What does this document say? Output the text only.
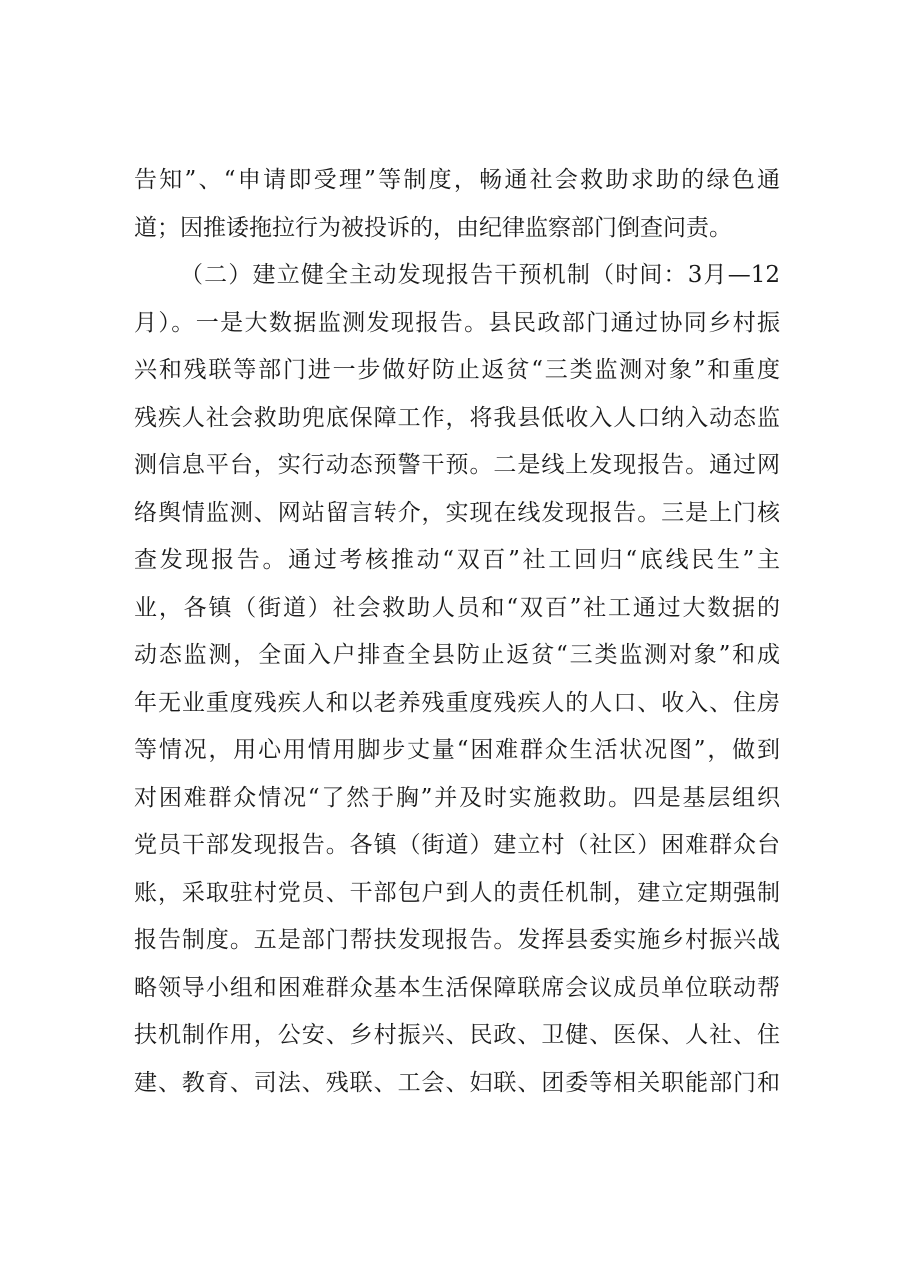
告知”、“申请即受理”等制度，畅通社会救助求助的绿色通
道；因推诿拖拉行为被投诉的，由纪律监察部门倒查问责。
（二）建立健全主动发现报告干预机制（时间：3月—12
月）。一是大数据监测发现报告。县民政部门通过协同乡村振
兴和残联等部门进一步做好防止返贫“三类监测对象”和重度
残疾人社会救助兜底保障工作，将我县低收入人口纳入动态监
测信息平台，实行动态预警干预。二是线上发现报告。通过网
络舆情监测、网站留言转介，实现在线发现报告。三是上门核
查发现报告。通过考核推动“双百”社工回归“底线民生”主
业，各镇（街道）社会救助人员和“双百”社工通过大数据的
动态监测，全面入户排查全县防止返贫“三类监测对象”和成
年无业重度残疾人和以老养残重度残疾人的人口、收入、住房
等情况，用心用情用脚步丈量“困难群众生活状况图”，做到
对困难群众情况“了然于胸”并及时实施救助。四是基层组织
党员干部发现报告。各镇（街道）建立村（社区）困难群众台
账，采取驻村党员、干部包户到人的责任机制，建立定期强制
报告制度。五是部门帮扶发现报告。发挥县委实施乡村振兴战
略领导小组和困难群众基本生活保障联席会议成员单位联动帮
扶机制作用，公安、乡村振兴、民政、卫健、医保、人社、住
建、教育、司法、残联、工会、妇联、团委等相关职能部门和
